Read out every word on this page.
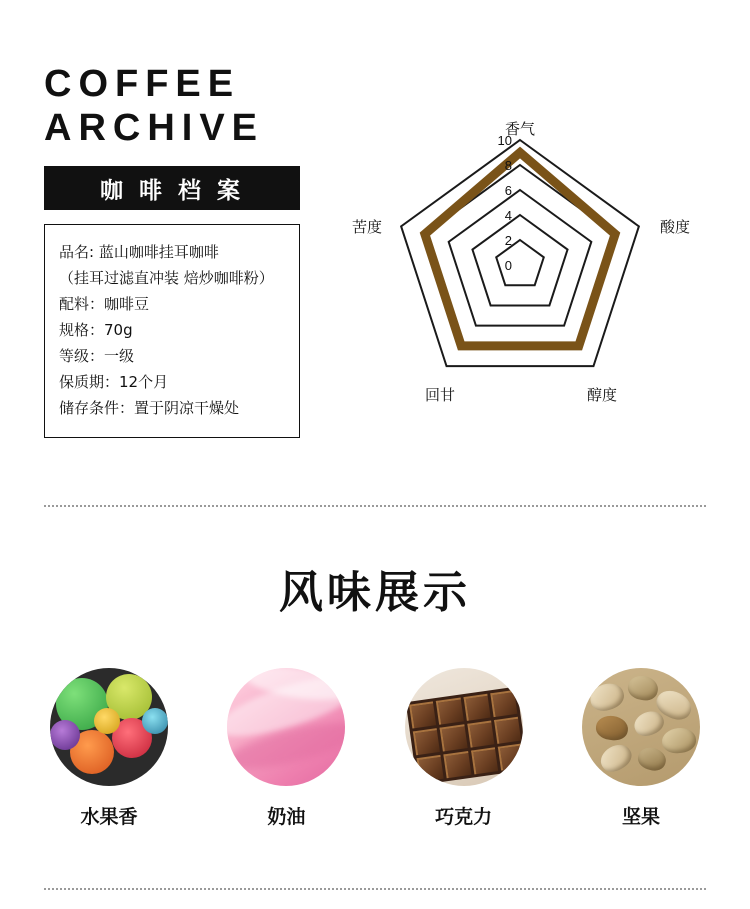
COFFEE
ARCHIVE
咖 啡 档 案
品名: 蓝山咖啡挂耳咖啡
（挂耳过滤直冲装 焙炒咖啡粉）
配料：咖啡豆
规格：70g
等级：一级
保质期：12个月
储存条件：置于阴凉干燥处
10
8
6
4
2
0
香气
酸度
醇度
回甘
苦度
风味展示
水果香	奶油	巧克力	坚果
